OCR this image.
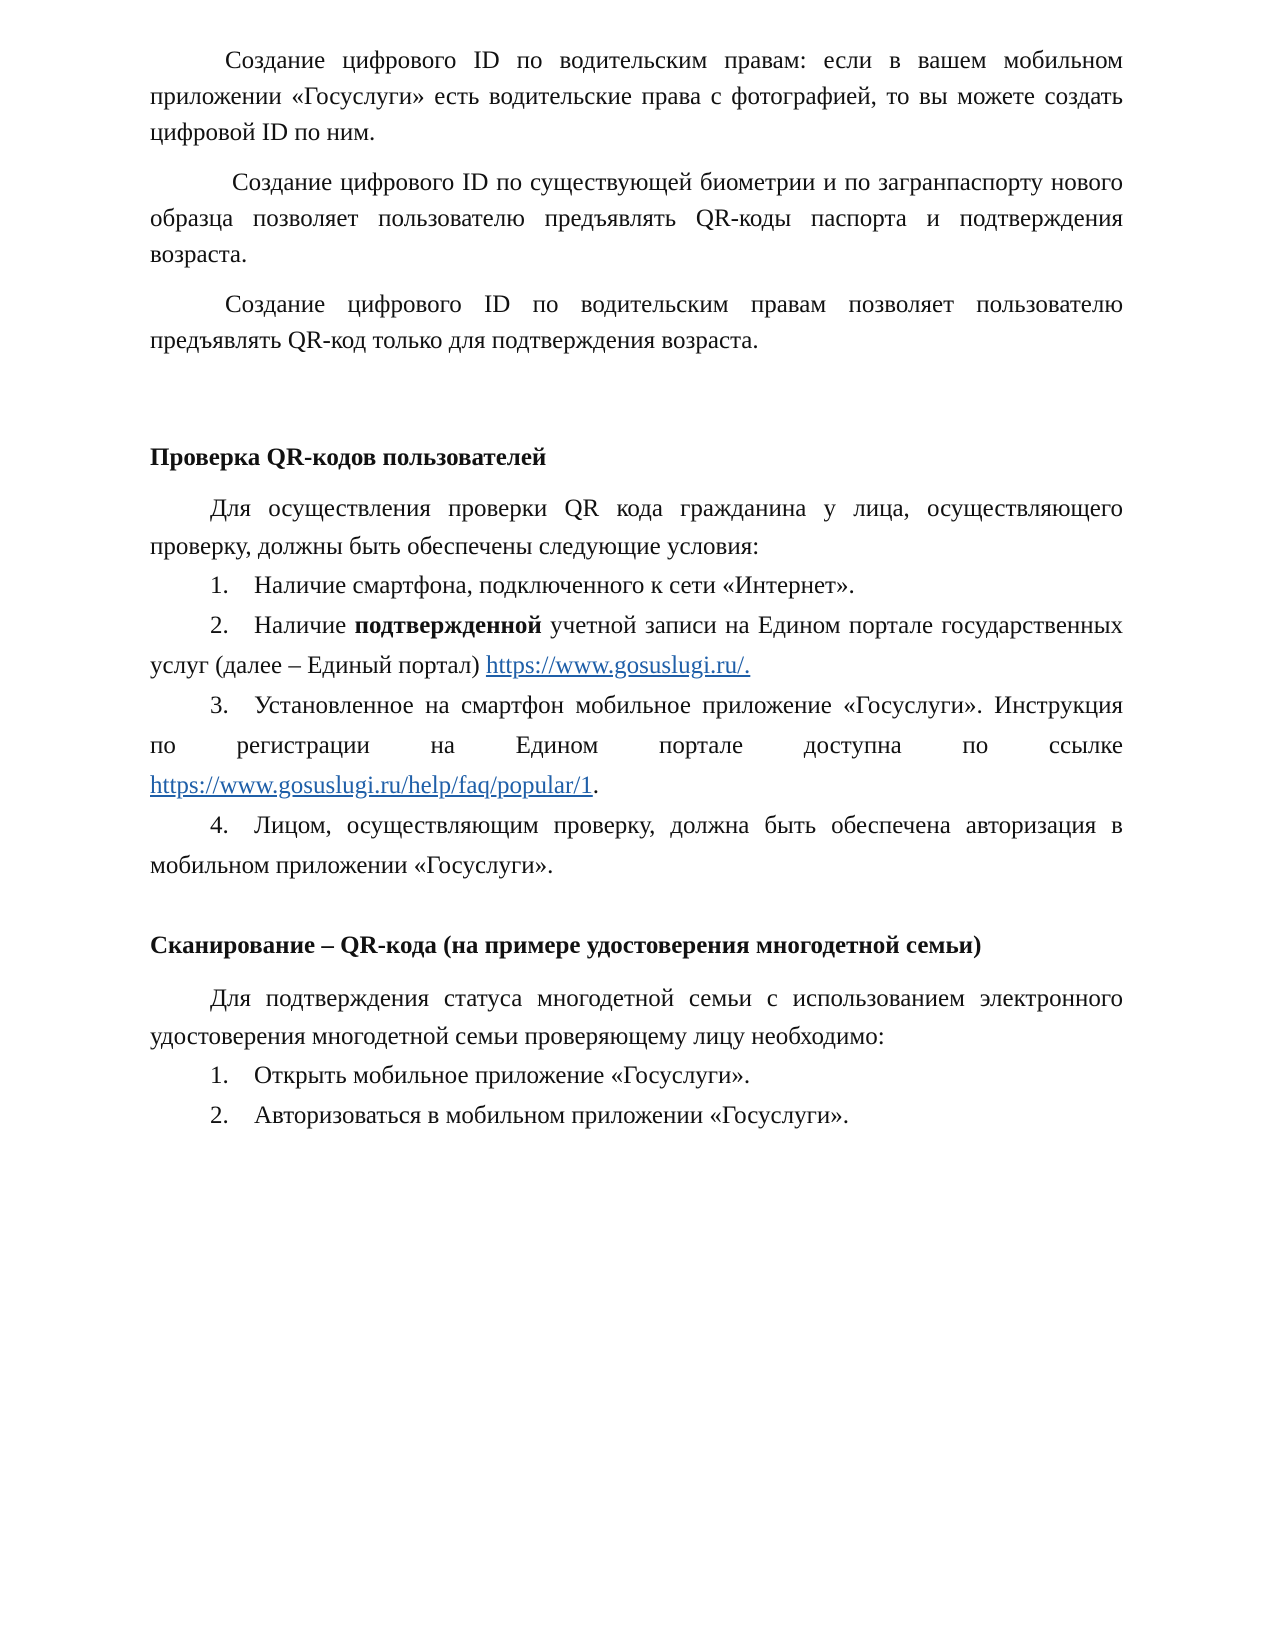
Создание цифрового ID по водительским правам: если в вашем мобильном приложении «Госуслуги» есть водительские права с фотографией, то вы можете создать цифровой ID по ним.

Создание цифрового ID по существующей биометрии и по загранпаспорту нового образца позволяет пользователю предъявлять QR-коды паспорта и подтверждения возраста.

Создание цифрового ID по водительским правам позволяет пользователю предъявлять QR-код только для подтверждения возраста.

Проверка QR-кодов пользователей

Для осуществления проверки QR кода гражданина у лица, осуществляющего проверку, должны быть обеспечены следующие условия:

1. Наличие смартфона, подключенного к сети «Интернет».

2. Наличие подтвержденной учетной записи на Едином портале государственных услуг (далее – Единый портал) https://www.gosuslugi.ru/.

3. Установленное на смартфон мобильное приложение «Госуслуги». Инструкция по регистрации на Едином портале доступна по ссылке https://www.gosuslugi.ru/help/faq/popular/1.

4. Лицом, осуществляющим проверку, должна быть обеспечена авторизация в мобильном приложении «Госуслуги».

Сканирование – QR-кода (на примере удостоверения многодетной семьи)

Для подтверждения статуса многодетной семьи с использованием электронного удостоверения многодетной семьи проверяющему лицу необходимо:

1. Открыть мобильное приложение «Госуслуги».

2. Авторизоваться в мобильном приложении «Госуслуги».
